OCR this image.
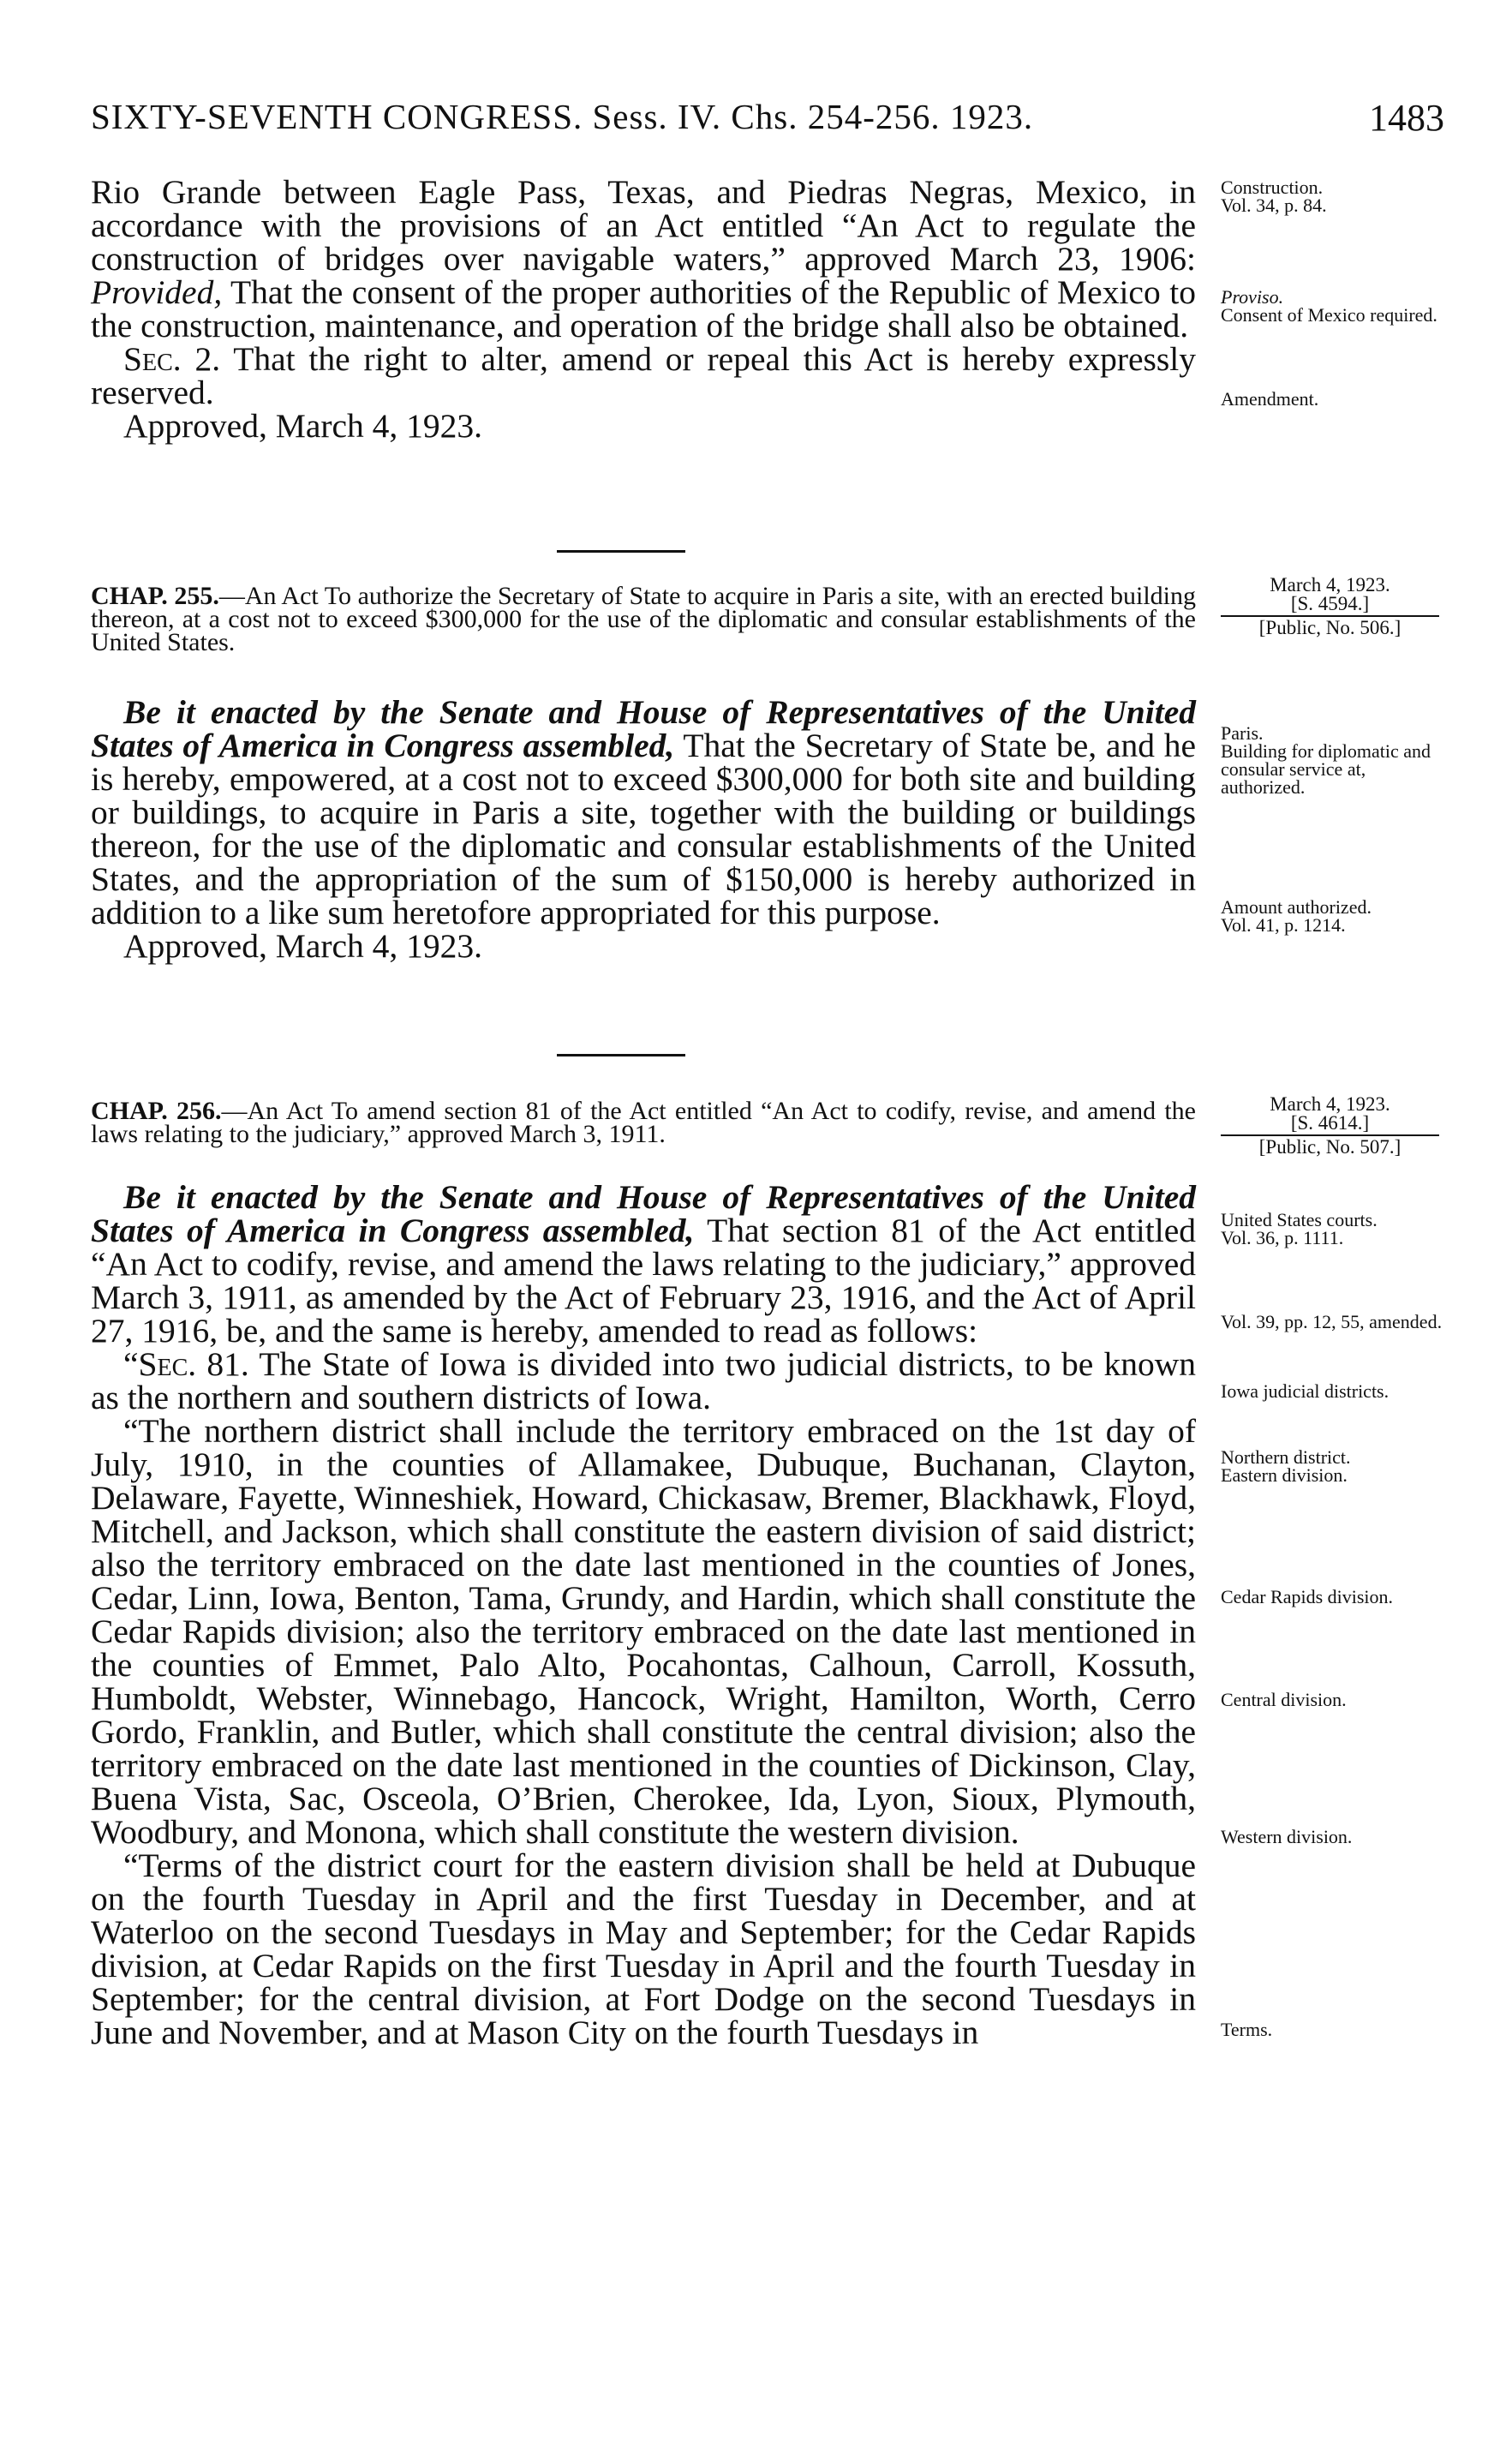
SIXTY-SEVENTH CONGRESS. Sess. IV. Chs. 254-256. 1923.	1483

Rio Grande between Eagle Pass, Texas, and Piedras Negras, Mexico, in accordance with the provisions of an Act entitled “An Act to regulate the construction of bridges over navigable waters,” approved March 23, 1906: Provided, That the consent of the proper authorities of the Republic of Mexico to the construction, maintenance, and operation of the bridge shall also be obtained.

Sec. 2. That the right to alter, amend or repeal this Act is hereby expressly reserved.

Approved, March 4, 1923.

CHAP. 255.—An Act To authorize the Secretary of State to acquire in Paris a site, with an erected building thereon, at a cost not to exceed $300,000 for the use of the diplomatic and consular establishments of the United States.

Be it enacted by the Senate and House of Representatives of the United States of America in Congress assembled, That the Secretary of State be, and he is hereby, empowered, at a cost not to exceed $300,000 for both site and building or buildings, to acquire in Paris a site, together with the building or buildings thereon, for the use of the diplomatic and consular establishments of the United States, and the appropriation of the sum of $150,000 is hereby authorized in addition to a like sum heretofore appropriated for this purpose.

Approved, March 4, 1923.

CHAP. 256.—An Act To amend section 81 of the Act entitled “An Act to codify, revise, and amend the laws relating to the judiciary,” approved March 3, 1911.

Be it enacted by the Senate and House of Representatives of the United States of America in Congress assembled, That section 81 of the Act entitled “An Act to codify, revise, and amend the laws relating to the judiciary,” approved March 3, 1911, as amended by the Act of February 23, 1916, and the Act of April 27, 1916, be, and the same is hereby, amended to read as follows:

“Sec. 81. The State of Iowa is divided into two judicial districts, to be known as the northern and southern districts of Iowa.

“The northern district shall include the territory embraced on the 1st day of July, 1910, in the counties of Allamakee, Dubuque, Buchanan, Clayton, Delaware, Fayette, Winneshiek, Howard, Chickasaw, Bremer, Blackhawk, Floyd, Mitchell, and Jackson, which shall constitute the eastern division of said district; also the territory embraced on the date last mentioned in the counties of Jones, Cedar, Linn, Iowa, Benton, Tama, Grundy, and Hardin, which shall constitute the Cedar Rapids division; also the territory embraced on the date last mentioned in the counties of Emmet, Palo Alto, Pocahontas, Calhoun, Carroll, Kossuth, Humboldt, Webster, Winnebago, Hancock, Wright, Hamilton, Worth, Cerro Gordo, Franklin, and Butler, which shall constitute the central division; also the territory embraced on the date last mentioned in the counties of Dickinson, Clay, Buena Vista, Sac, Osceola, O’Brien, Cherokee, Ida, Lyon, Sioux, Plymouth, Woodbury, and Monona, which shall constitute the western division.

“Terms of the district court for the eastern division shall be held at Dubuque on the fourth Tuesday in April and the first Tuesday in December, and at Waterloo on the second Tuesdays in May and September; for the Cedar Rapids division, at Cedar Rapids on the first Tuesday in April and the fourth Tuesday in September; for the central division, at Fort Dodge on the second Tuesdays in June and November, and at Mason City on the fourth Tuesdays in

Construction.
Vol. 34, p. 84.
Proviso.
Consent of Mexico required.
Amendment.
March 4, 1923.
[S. 4594.]
[Public, No. 506.]
Paris.
Building for diplomatic and consular service at, authorized.
Amount authorized.
Vol. 41, p. 1214.
March 4, 1923.
[S. 4614.]
[Public, No. 507.]
United States courts.
Vol. 36, p. 1111.
Vol. 39, pp. 12, 55, amended.
Iowa judicial districts.
Northern district.
Eastern division.
Cedar Rapids division.
Central division.
Western division.
Terms.
